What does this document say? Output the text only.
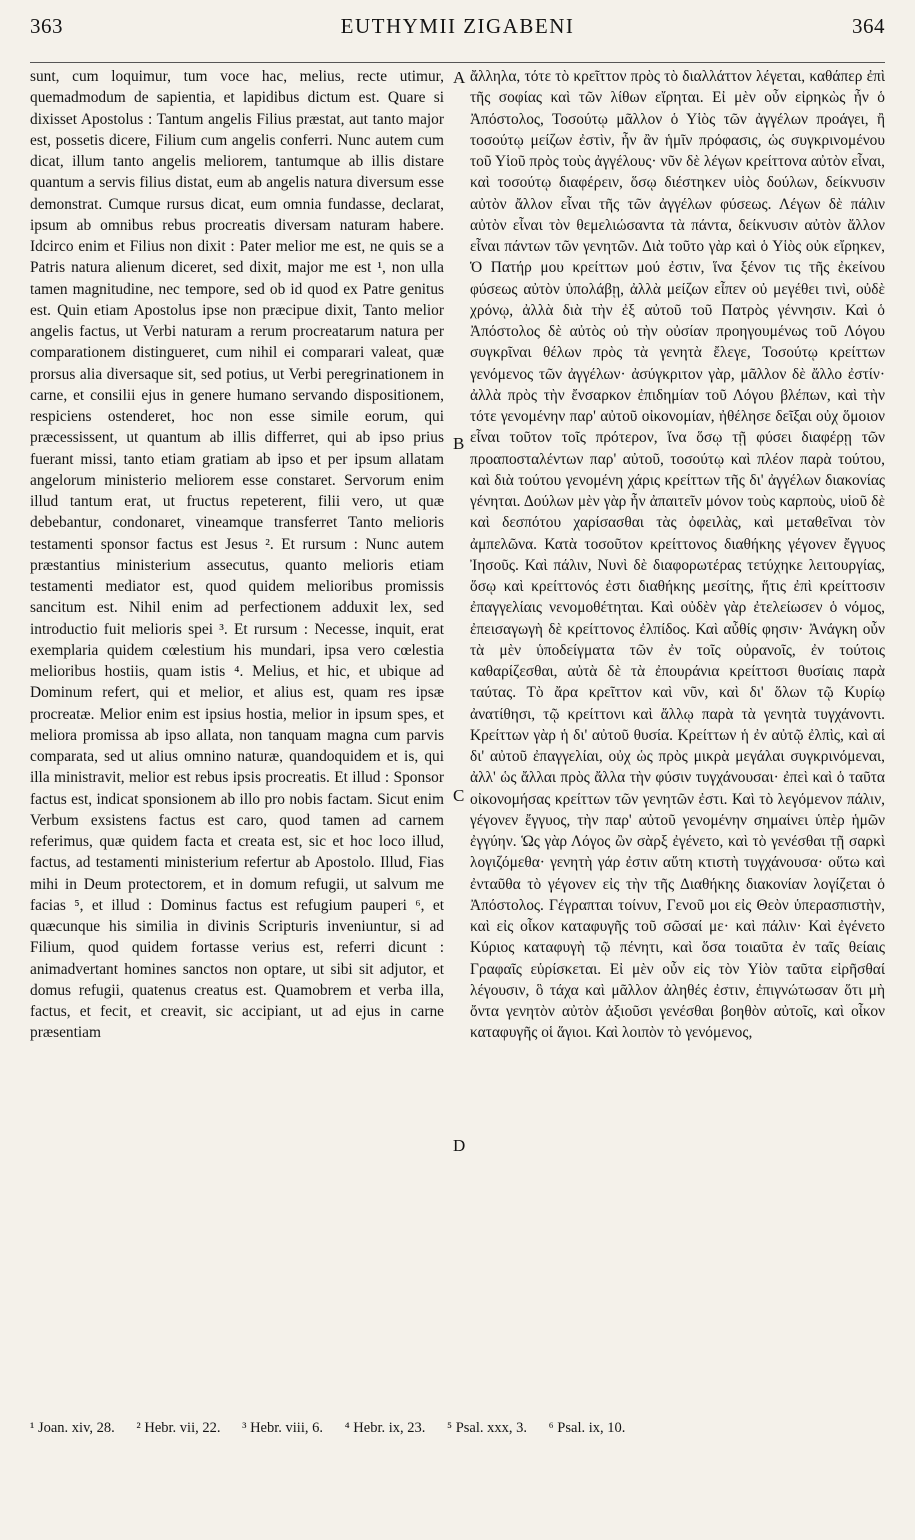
363	EUTHYMII ZIGABENI	364

sunt, cum loquimur, tum voce hac, melius, recte utimur, quemadmodum de sapientia, et lapidibus dictum est. Quare si dixisset Apostolus : Tantum angelis Filius præstat, aut tanto major est, possetis dicere, Filium cum angelis conferri. Nunc autem cum dicat, illum tanto angelis meliorem, tantumque ab illis distare quantum a servis filius distat, eum ab angelis natura diversum esse demonstrat. Cumque rursus dicat, eum omnia fundasse, declarat, ipsum ab omnibus rebus procreatis diversam naturam habere. Idcirco enim et Filius non dixit : Pater melior me est, ne quis se a Patris natura alienum diceret, sed dixit, major me est ¹, non ulla tamen magnitudine, nec tempore, sed ob id quod ex Patre genitus est. Quin etiam Apostolus ipse non præcipue dixit, Tanto melior angelis factus, ut Verbi naturam a rerum procreatarum natura per comparationem distingueret, cum nihil ei comparari valeat, quæ prorsus alia diversaque sit, sed potius, ut Verbi peregrinationem in carne, et consilii ejus in genere humano servando dispositionem, respiciens ostenderet, hoc non esse simile eorum, qui præcessissent, ut quantum ab illis differret, qui ab ipso prius fuerant missi, tanto etiam gratiam ab ipso et per ipsum allatam angelorum ministerio meliorem esse constaret. Servorum enim illud tantum erat, ut fructus repeterent, filii vero, ut quæ debebantur, condonaret, vineamque transferret Tanto melioris testamenti sponsor factus est Jesus ². Et rursum : Nunc autem præstantius ministerium assecutus, quanto melioris etiam testamenti mediator est, quod quidem melioribus promissis sancitum est. Nihil enim ad perfectionem adduxit lex, sed introductio fuit melioris spei ³. Et rursum : Necesse, inquit, erat exemplaria quidem cœlestium his mundari, ipsa vero cœlestia melioribus hostiis, quam istis ⁴. Melius, et hic, et ubique ad Dominum refert, qui et melior, et alius est, quam res ipsæ procreatæ. Melior enim est ipsius hostia, melior in ipsum spes, et meliora promissa ab ipso allata, non tanquam magna cum parvis comparata, sed ut alius omnino naturæ, quandoquidem et is, qui illa ministravit, melior est rebus ipsis procreatis. Et illud : Sponsor factus est, indicat sponsionem ab illo pro nobis factam. Sicut enim Verbum exsistens factus est caro, quod tamen ad carnem referimus, quæ quidem facta et creata est, sic et hoc loco illud, factus, ad testamenti ministerium refertur ab Apostolo. Illud, Fias mihi in Deum protectorem, et in domum refugii, ut salvum me facias ⁵, et illud : Dominus factus est refugium pauperi ⁶, et quæcunque his similia in divinis Scripturis inveniuntur, si ad Filium, quod quidem fortasse verius est, referri dicunt : animadvertant homines sanctos non optare, ut sibi sit adjutor, et domus refugii, quatenus creatus est. Quamobrem et verba illa, factus, et fecit, et creavit, sic accipiant, ut ad ejus in carne præsentiam

A
B
C
D

ἄλληλα, τότε τὸ κρεῖττον πρὸς τὸ διαλλάττον λέγεται, καθάπερ ἐπὶ τῆς σοφίας καὶ τῶν λίθων εἴρηται. Εἰ μὲν οὖν εἰρηκὼς ἦν ὁ Ἀπόστολος, Τοσούτῳ μᾶλλον ὁ Υἱὸς τῶν ἀγγέλων προάγει, ἢ τοσούτῳ μείζων ἐστὶν, ἦν ἂν ἡμῖν πρόφασις, ὡς συγκρινομένου τοῦ Υἱοῦ πρὸς τοὺς ἀγγέλους· νῦν δὲ λέγων κρείττονα αὐτὸν εἶναι, καὶ τοσούτῳ διαφέρειν, ὅσῳ διέστηκεν υἱὸς δούλων, δείκνυσιν αὐτὸν ἄλλον εἶναι τῆς τῶν ἀγγέλων φύσεως. Λέγων δὲ πάλιν αὐτὸν εἶναι τὸν θεμελιώσαντα τὰ πάντα, δείκνυσιν αὐτὸν ἄλλον εἶναι πάντων τῶν γενητῶν. Διὰ τοῦτο γὰρ καὶ ὁ Υἱὸς οὐκ εἴρηκεν, Ὁ Πατήρ μου κρείττων μού ἐστιν, ἵνα ξένον τις τῆς ἐκείνου φύσεως αὐτὸν ὑπολάβῃ, ἀλλὰ μείζων εἶπεν οὐ μεγέθει τινὶ, οὐδὲ χρόνῳ, ἀλλὰ διὰ τὴν ἐξ αὐτοῦ τοῦ Πατρὸς γέννησιν. Καὶ ὁ Ἀπόστολος δὲ αὐτὸς οὐ τὴν οὐσίαν προηγουμένως τοῦ Λόγου συγκρῖναι θέλων πρὸς τὰ γενητὰ ἔλεγε, Τοσούτῳ κρείττων γενόμενος τῶν ἀγγέλων· ἀσύγκριτον γὰρ, μᾶλλον δὲ ἄλλο ἐστίν· ἀλλὰ πρὸς τὴν ἔνσαρκον ἐπιδημίαν τοῦ Λόγου βλέπων, καὶ τὴν τότε γενομένην παρ' αὐτοῦ οἰκονομίαν, ἠθέλησε δεῖξαι οὐχ ὅμοιον εἶναι τοῦτον τοῖς πρότερον, ἵνα ὅσῳ τῇ φύσει διαφέρῃ τῶν προαποσταλέντων παρ' αὐτοῦ, τοσούτῳ καὶ πλέον παρὰ τούτου, καὶ διὰ τούτου γενομένη χάρις κρείττων τῆς δι' ἀγγέλων διακονίας γένηται. Δούλων μὲν γὰρ ἦν ἀπαιτεῖν μόνον τοὺς καρποὺς, υἱοῦ δὲ καὶ δεσπότου χαρίσασθαι τὰς ὀφειλὰς, καὶ μεταθεῖναι τὸν ἀμπελῶνα. Κατὰ τοσοῦτον κρείττονος διαθήκης γέγονεν ἔγγυος Ἰησοῦς. Καὶ πάλιν, Νυνὶ δὲ διαφορωτέρας τετύχηκε λειτουργίας, ὅσῳ καὶ κρείττονός ἐστι διαθήκης μεσίτης, ἥτις ἐπὶ κρείττοσιν ἐπαγγελίαις νενομοθέτηται. Καὶ οὐδὲν γὰρ ἐτελείωσεν ὁ νόμος, ἐπεισαγωγὴ δὲ κρείττονος ἐλπίδος. Καὶ αὖθίς φησιν· Ἀνάγκη οὖν τὰ μὲν ὑποδείγματα τῶν ἐν τοῖς οὐρανοῖς, ἐν τούτοις καθαρίζεσθαι, αὐτὰ δὲ τὰ ἐπουράνια κρείττοσι θυσίαις παρὰ ταύτας. Τὸ ἄρα κρεῖττον καὶ νῦν, καὶ δι' ὅλων τῷ Κυρίῳ ἀνατίθησι, τῷ κρείττονι καὶ ἄλλῳ παρὰ τὰ γενητὰ τυγχάνοντι. Κρείττων γὰρ ἡ δι' αὐτοῦ θυσία. Κρείττων ἡ ἐν αὐτῷ ἐλπὶς, καὶ αἱ δι' αὐτοῦ ἐπαγγελίαι, οὐχ ὡς πρὸς μικρὰ μεγάλαι συγκρινόμεναι, ἀλλ' ὡς ἄλλαι πρὸς ἄλλα τὴν φύσιν τυγχάνουσαι· ἐπεὶ καὶ ὁ ταῦτα οἰκονομήσας κρείττων τῶν γενητῶν ἐστι. Καὶ τὸ λεγόμενον πάλιν, γέγονεν ἔγγυος, τὴν παρ' αὐτοῦ γενομένην σημαίνει ὑπὲρ ἡμῶν ἐγγύην. Ὡς γὰρ Λόγος ὢν σὰρξ ἐγένετο, καὶ τὸ γενέσθαι τῇ σαρκὶ λογιζόμεθα· γενητὴ γάρ ἐστιν αὕτη κτιστὴ τυγχάνουσα· οὕτω καὶ ἐνταῦθα τὸ γέγονεν εἰς τὴν τῆς Διαθήκης διακονίαν λογίζεται ὁ Ἀπόστολος. Γέγραπται τοίνυν, Γενοῦ μοι εἰς Θεὸν ὑπερασπιστὴν, καὶ εἰς οἶκον καταφυγῆς τοῦ σῶσαί με· καὶ πάλιν· Καὶ ἐγένετο Κύριος καταφυγὴ τῷ πένητι, καὶ ὅσα τοιαῦτα ἐν ταῖς θείαις Γραφαῖς εὑρίσκεται. Εἰ μὲν οὖν εἰς τὸν Υἱὸν ταῦτα εἰρῆσθαί λέγουσιν, ὃ τάχα καὶ μᾶλλον ἀληθές ἐστιν, ἐπιγνώτωσαν ὅτι μὴ ὄντα γενητὸν αὐτὸν ἀξιοῦσι γενέσθαι βοηθὸν αὐτοῖς, καὶ οἶκον καταφυγῆς οἱ ἅγιοι. Καὶ λοιπὸν τὸ γενόμενος,

¹ Joan. xiv, 28. ² Hebr. vii, 22. ³ Hebr. viii, 6. ⁴ Hebr. ix, 23. ⁵ Psal. xxx, 3. ⁶ Psal. ix, 10.
